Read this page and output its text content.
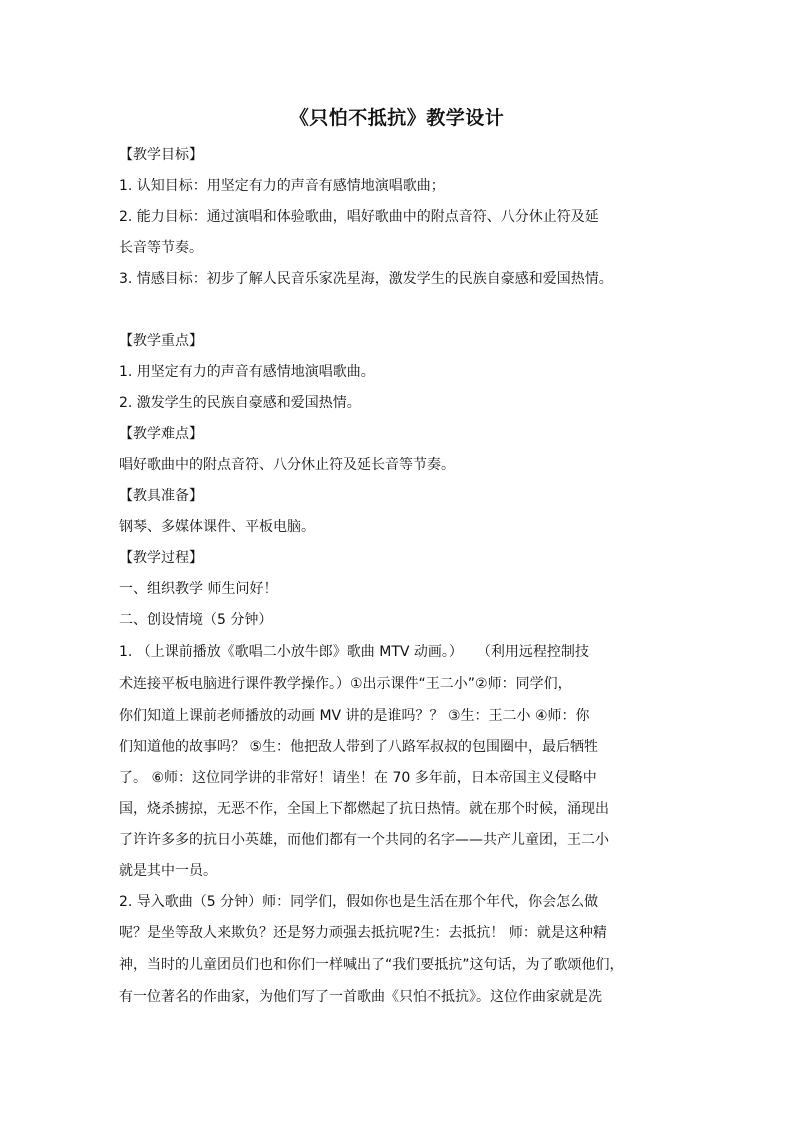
《只怕不抵抗》教学设计
【教学目标】
1. 认知目标：用坚定有力的声音有感情地演唱歌曲；
2. 能力目标：通过演唱和体验歌曲，唱好歌曲中的附点音符、八分休止符及延
长音等节奏。
3. 情感目标：初步了解人民音乐家冼星海，激发学生的民族自豪感和爱国热情。
【教学重点】
1. 用坚定有力的声音有感情地演唱歌曲。
2. 激发学生的民族自豪感和爱国热情。
【教学难点】
唱好歌曲中的附点音符、八分休止符及延长音等节奏。
【教具准备】
钢琴、多媒体课件、平板电脑。
【教学过程】
一、组织教学 师生问好！
二、创设情境（5 分钟）
1. （上课前播放《歌唱二小放牛郎》歌曲 MTV 动画。）　　（利用远程控制技
术连接平板电脑进行课件教学操作。）①出示课件“王二小”②师：同学们，
你们知道上课前老师播放的动画 MV 讲的是谁吗？？ ③生：王二小 ④师：你
们知道他的故事吗？ ⑤生：他把敌人带到了八路军叔叔的包围圈中，最后牺牲
了。 ⑥师：这位同学讲的非常好！请坐！在 70 多年前，日本帝国主义侵略中
国，烧杀掳掠，无恶不作，全国上下都燃起了抗日热情。就在那个时候，涌现出
了许许多多的抗日小英雄，而他们都有一个共同的名字——共产儿童团，王二小
就是其中一员。
2. 导入歌曲（5 分钟）师：同学们，假如你也是生活在那个年代，你会怎么做
呢？是坐等敌人来欺负？还是努力顽强去抵抗呢?生：去抵抗！ 师：就是这种精
神，当时的儿童团员们也和你们一样喊出了“我们要抵抗”这句话，为了歌颂他们，
有一位著名的作曲家，为他们写了一首歌曲《只怕不抵抗》。这位作曲家就是冼
